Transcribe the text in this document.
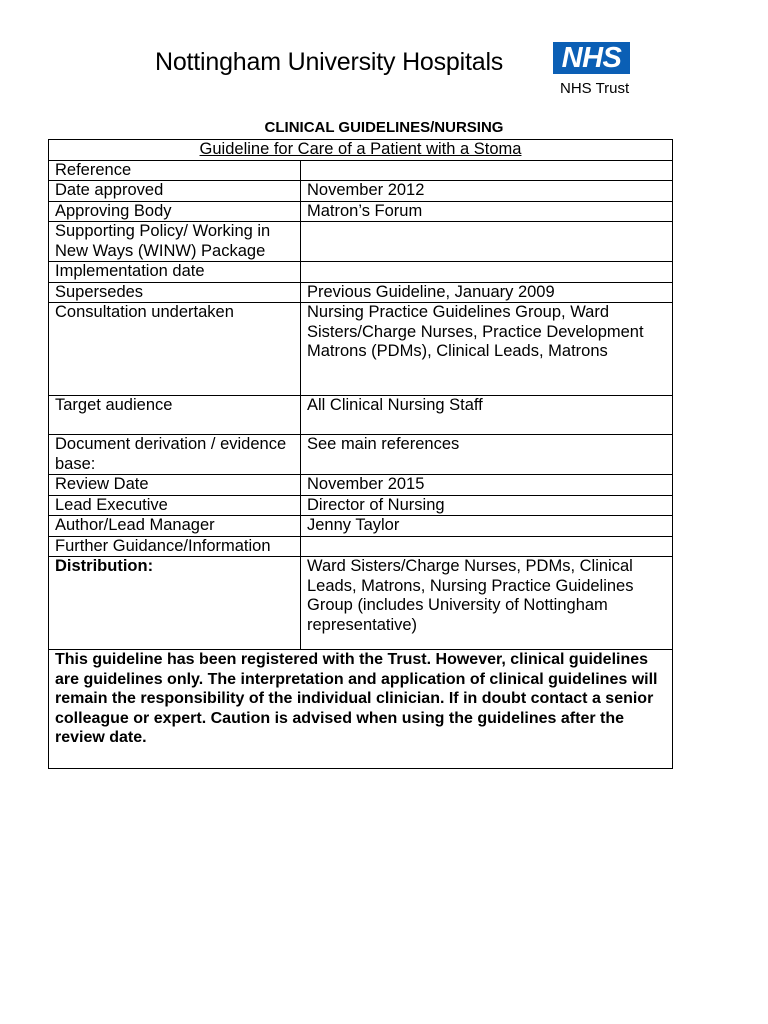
Nottingham University Hospitals NHS
NHS Trust
CLINICAL GUIDELINES/NURSING
Guideline for Care of a Patient with a Stoma	
Reference	
Date approved	November 2012
Approving Body	Matron’s Forum
Supporting Policy/ Working in New Ways (WINW) Package	
Implementation date	
Supersedes	Previous Guideline, January 2009
Consultation undertaken	Nursing Practice Guidelines Group, Ward Sisters/Charge Nurses, Practice Development Matrons (PDMs), Clinical Leads, Matrons
Target audience	All Clinical Nursing Staff
Document derivation / evidence base:	See main references
Review Date	November 2015
Lead Executive	Director of Nursing
Author/Lead Manager	Jenny Taylor
Further Guidance/Information	
Distribution:	Ward Sisters/Charge Nurses, PDMs, Clinical Leads, Matrons, Nursing Practice Guidelines Group (includes University of Nottingham representative)
This guideline has been registered with the Trust. However, clinical guidelines are guidelines only. The interpretation and application of clinical guidelines will remain the responsibility of the individual clinician. If in doubt contact a senior colleague or expert. Caution is advised when using the guidelines after the review date.	
